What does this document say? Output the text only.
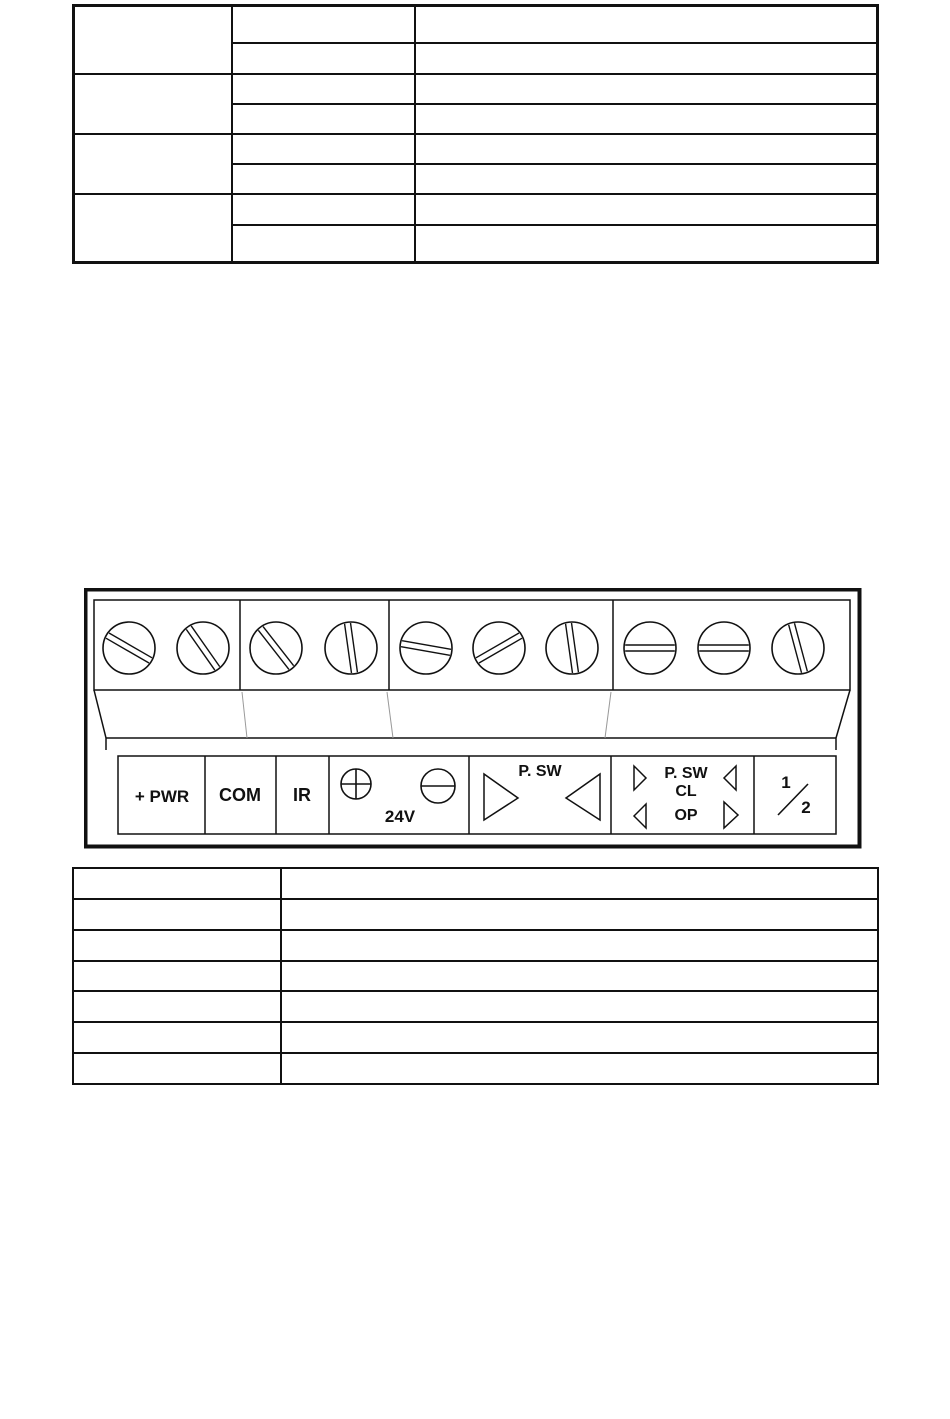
+ PWR COM IR
24V
P. SW	P. SW
CL
OP
1
2
